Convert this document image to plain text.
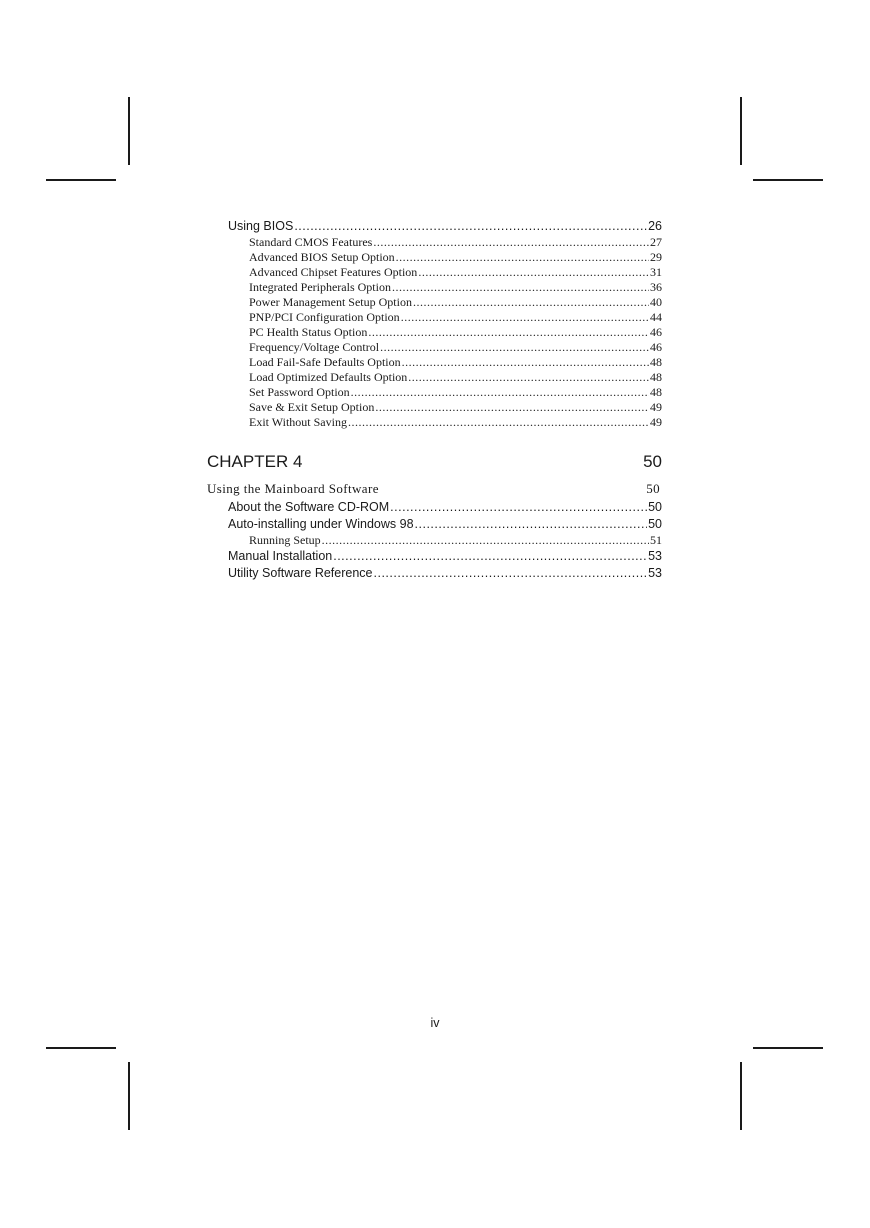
Using BIOS .....	26
Standard CMOS Features .....	27
Advanced BIOS Setup Option .....	29
Advanced Chipset Features Option .....	31
Integrated Peripherals Option .....	36
Power Management Setup Option .....	40
PNP/PCI Configuration Option .....	44
PC Health Status Option .....	46
Frequency/Voltage Control .....	46
Load Fail-Safe Defaults Option .....	48
Load Optimized Defaults Option .....	48
Set Password Option .....	48
Save & Exit Setup Option .....	49
Exit Without Saving .....	49
CHAPTER 4	50
Using the Mainboard Software	50
About the Software CD-ROM .....	50
Auto-installing under Windows 98 .....	50
Running Setup .....	51
Manual Installation .....	53
Utility Software Reference .....	53
iv
